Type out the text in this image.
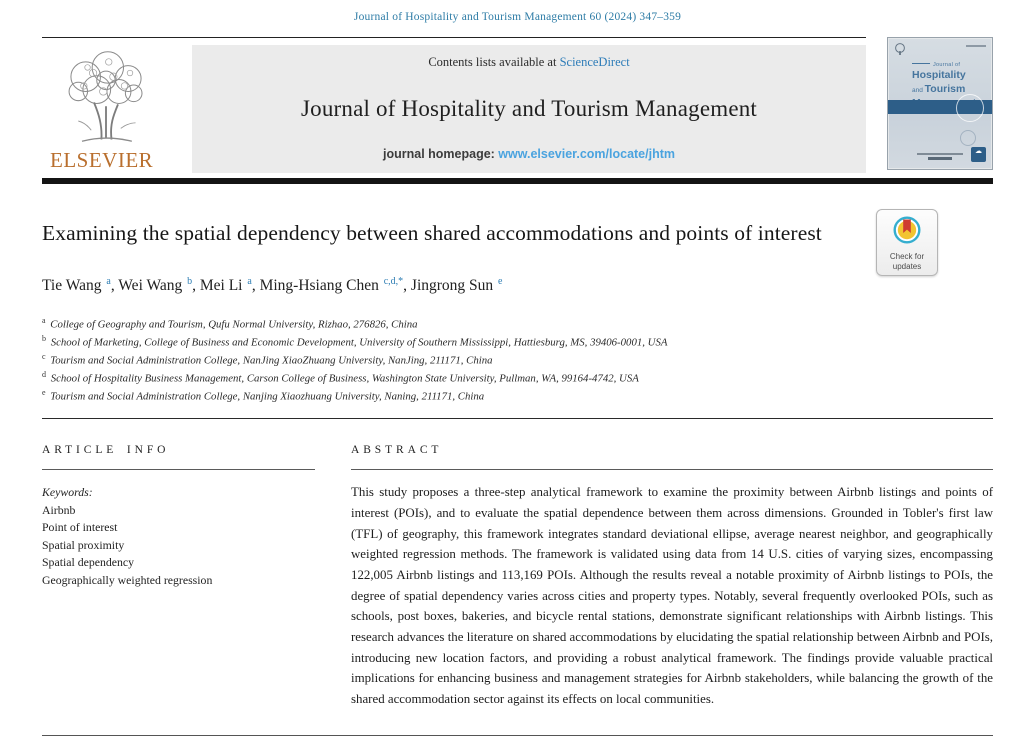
Journal of Hospitality and Tourism Management 60 (2024) 347–359
ELSEVIER
Contents lists available at ScienceDirect
Journal of Hospitality and Tourism Management
journal homepage: www.elsevier.com/locate/jhtm
Journal of
Hospitality
and Tourism
☁
Examining the spatial dependency between shared accommodations and points of interest
Check for
updates
Tie Wang $^a$, Wei Wang $^b$, Mei Li $^a$, Ming-Hsiang Chen $^{c,d,*}$, Jingrong Sun $^e$
$^a$ College of Geography and Tourism, Qufu Normal University, Rizhao, 276826, China
$^b$ School of Marketing, College of Business and Economic Development, University of Southern Mississippi, Hattiesburg, MS, 39406-0001, USA
$^c$ Tourism and Social Administration College, NanJing XiaoZhuang University, NanJing, 211171, China
$^d$ School of Hospitality Business Management, Carson College of Business, Washington State University, Pullman, WA, 99164-4742, USA
$^e$ Tourism and Social Administration College, Nanjing Xiaozhuang University, Naning, 211171, China
ARTICLE INFO
Keywords:
Airbnb
Point of interest
Spatial proximity
Spatial dependency
Geographically weighted regression
ABSTRACT
This study proposes a three-step analytical framework to examine the proximity between Airbnb listings and points of interest (POIs), and to evaluate the spatial dependence between them across dimensions. Grounded in Tobler's first law (TFL) of geography, this framework integrates standard deviational ellipse, average nearest neighbor, and geographically weighted regression methods. The framework is validated using data from 14 U.S. cities of varying sizes, encompassing 122,005 Airbnb listings and 113,169 POIs. Although the results reveal a notable proximity of Airbnb listings to POIs, the degree of spatial dependency varies across cities and property types. Notably, several frequently overlooked POIs, such as schools, post boxes, bakeries, and bicycle rental stations, demonstrate significant relationships with Airbnb listings. This research advances the literature on shared accommodations by elucidating the spatial relationship between Airbnb and POIs, introducing new location factors, and providing a robust analytical framework. The findings provide valuable practical implications for enhancing business and management strategies for Airbnb stakeholders, while balancing the growth of the shared accommodation sector against its effects on local communities.
